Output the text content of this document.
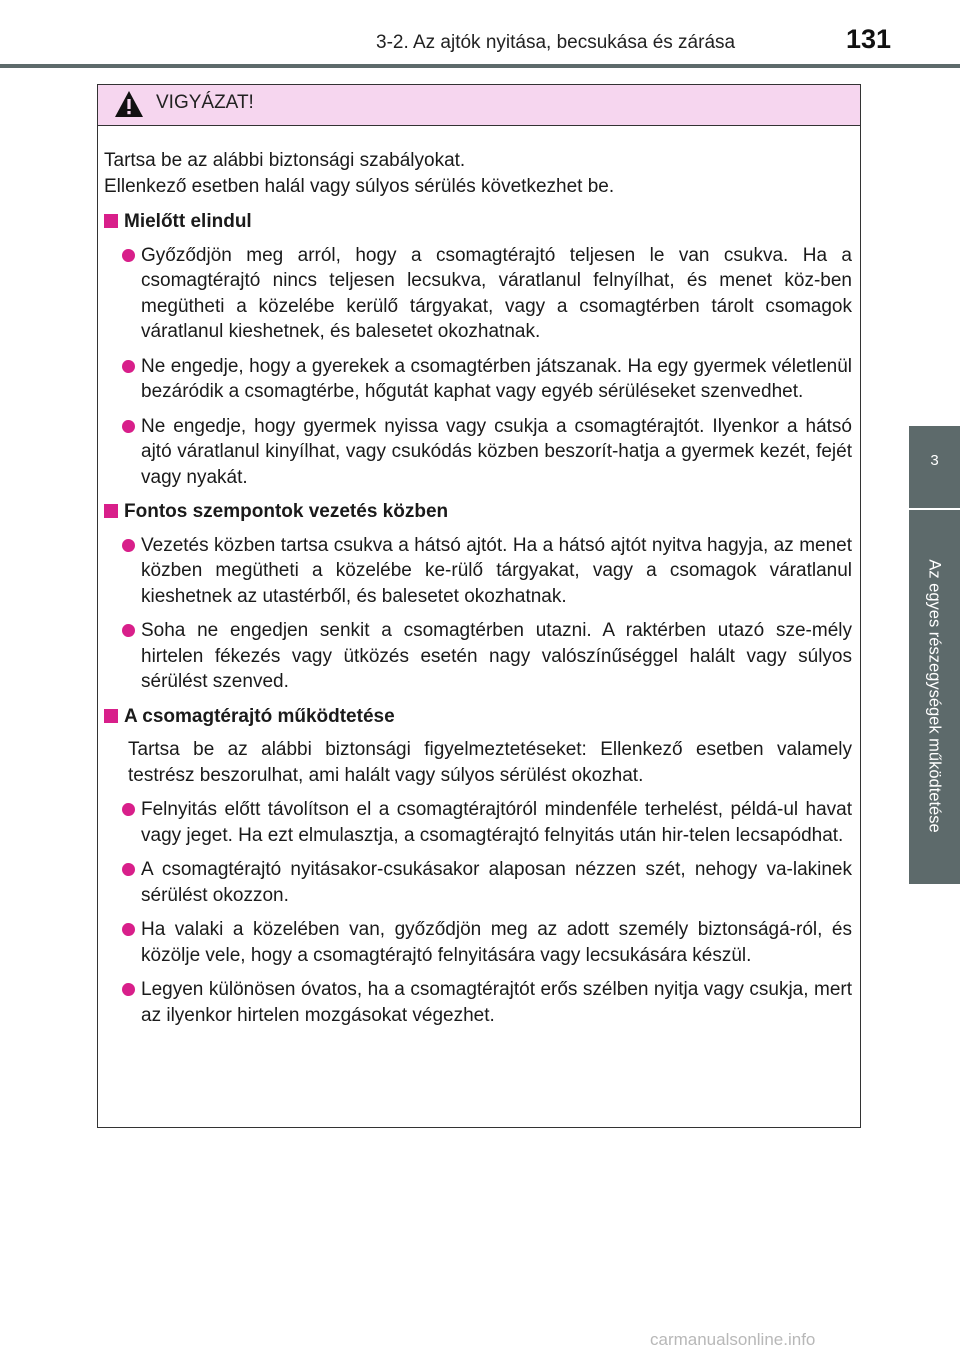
3-2. Az ajtók nyitása, becsukása és zárása	131
3
Az egyes részegységek működtetése
VIGYÁZAT!

Tartsa be az alábbi biztonsági szabályokat.

Ellenkező esetben halál vagy súlyos sérülés következhet be.

Mielőtt elindul
Győződjön meg arról, hogy a csomagtérajtó teljesen le van csukva. Ha a csomagtérajtó nincs teljesen lecsukva, váratlanul felnyílhat, és menet köz-ben megütheti a közelébe kerülő tárgyakat, vagy a csomagtérben tárolt csomagok váratlanul kieshetnek, és balesetet okozhatnak.
Ne engedje, hogy a gyerekek a csomagtérben játszanak. Ha egy gyermek véletlenül bezáródik a csomagtérbe, hőgutát kaphat vagy egyéb sérüléseket szenvedhet.
Ne engedje, hogy gyermek nyissa vagy csukja a csomagtérajtót. Ilyenkor a hátsó ajtó váratlanul kinyílhat, vagy csukódás közben beszorít-hatja a gyermek kezét, fejét vagy nyakát.
Fontos szempontok vezetés közben
Vezetés közben tartsa csukva a hátsó ajtót. Ha a hátsó ajtót nyitva hagyja, az menet közben megütheti a közelébe ke-rülő tárgyakat, vagy a csomagok váratlanul kieshetnek az utastérből, és balesetet okozhatnak.
Soha ne engedjen senkit a csomagtérben utazni. A raktérben utazó sze-mély hirtelen fékezés vagy ütközés esetén nagy valószínűséggel halált vagy súlyos sérülést szenved.
A csomagtérajtó működtetése

Tartsa be az alábbi biztonsági figyelmeztetéseket: Ellenkező esetben valamely testrész beszorulhat, ami halált vagy súlyos sérülést okozhat.

Felnyitás előtt távolítson el a csomagtérajtóról mindenféle terhelést, példá-ul havat vagy jeget. Ha ezt elmulasztja, a csomagtérajtó felnyitás után hir-telen lecsapódhat.
A csomagtérajtó nyitásakor-csukásakor alaposan nézzen szét, nehogy va-lakinek sérülést okozzon.
Ha valaki a közelében van, győződjön meg az adott személy biztonságá-ról, és közölje vele, hogy a csomagtérajtó felnyitására vagy lecsukására készül.
Legyen különösen óvatos, ha a csomagtérajtót erős szélben nyitja vagy csukja, mert az ilyenkor hirtelen mozgásokat végezhet.
carmanualsonline.info
